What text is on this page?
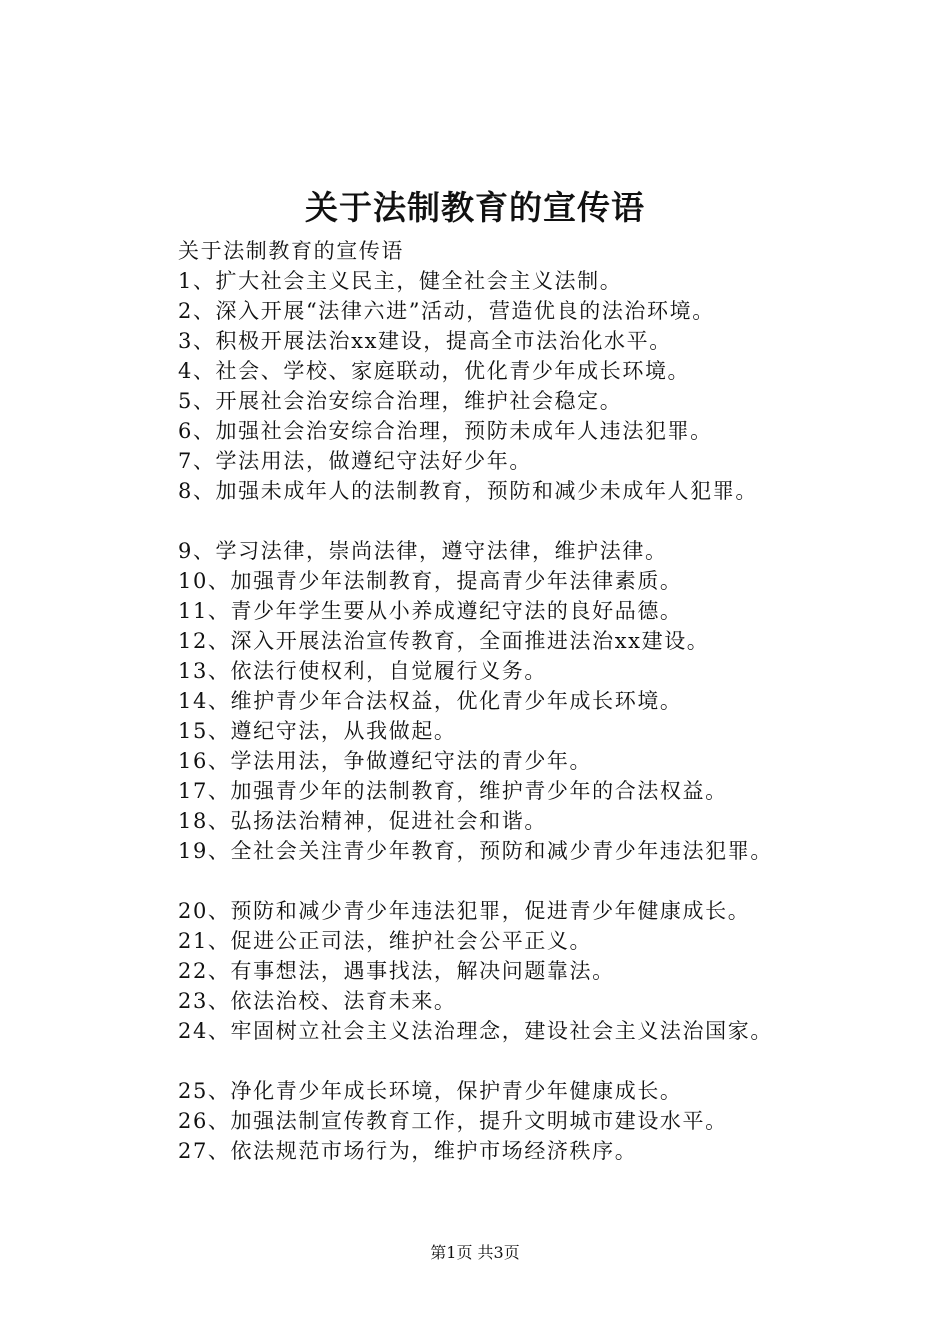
关于法制教育的宣传语
关于法制教育的宣传语
1、扩大社会主义民主，健全社会主义法制。
2、深入开展“法律六进”活动，营造优良的法治环境。
3、积极开展法治xx建设，提高全市法治化水平。
4、社会、学校、家庭联动，优化青少年成长环境。
5、开展社会治安综合治理，维护社会稳定。
6、加强社会治安综合治理，预防未成年人违法犯罪。
7、学法用法，做遵纪守法好少年。
8、加强未成年人的法制教育，预防和减少未成年人犯罪。
9、学习法律，崇尚法律，遵守法律，维护法律。
10、加强青少年法制教育，提高青少年法律素质。
11、青少年学生要从小养成遵纪守法的良好品德。
12、深入开展法治宣传教育，全面推进法治xx建设。
13、依法行使权利，自觉履行义务。
14、维护青少年合法权益，优化青少年成长环境。
15、遵纪守法，从我做起。
16、学法用法，争做遵纪守法的青少年。
17、加强青少年的法制教育，维护青少年的合法权益。
18、弘扬法治精神，促进社会和谐。
19、全社会关注青少年教育，预防和减少青少年违法犯罪。
20、预防和减少青少年违法犯罪，促进青少年健康成长。
21、促进公正司法，维护社会公平正义。
22、有事想法，遇事找法，解决问题靠法。
23、依法治校、法育未来。
24、牢固树立社会主义法治理念，建设社会主义法治国家。
25、净化青少年成长环境，保护青少年健康成长。
26、加强法制宣传教育工作，提升文明城市建设水平。
27、依法规范市场行为，维护市场经济秩序。
第1页 共3页
